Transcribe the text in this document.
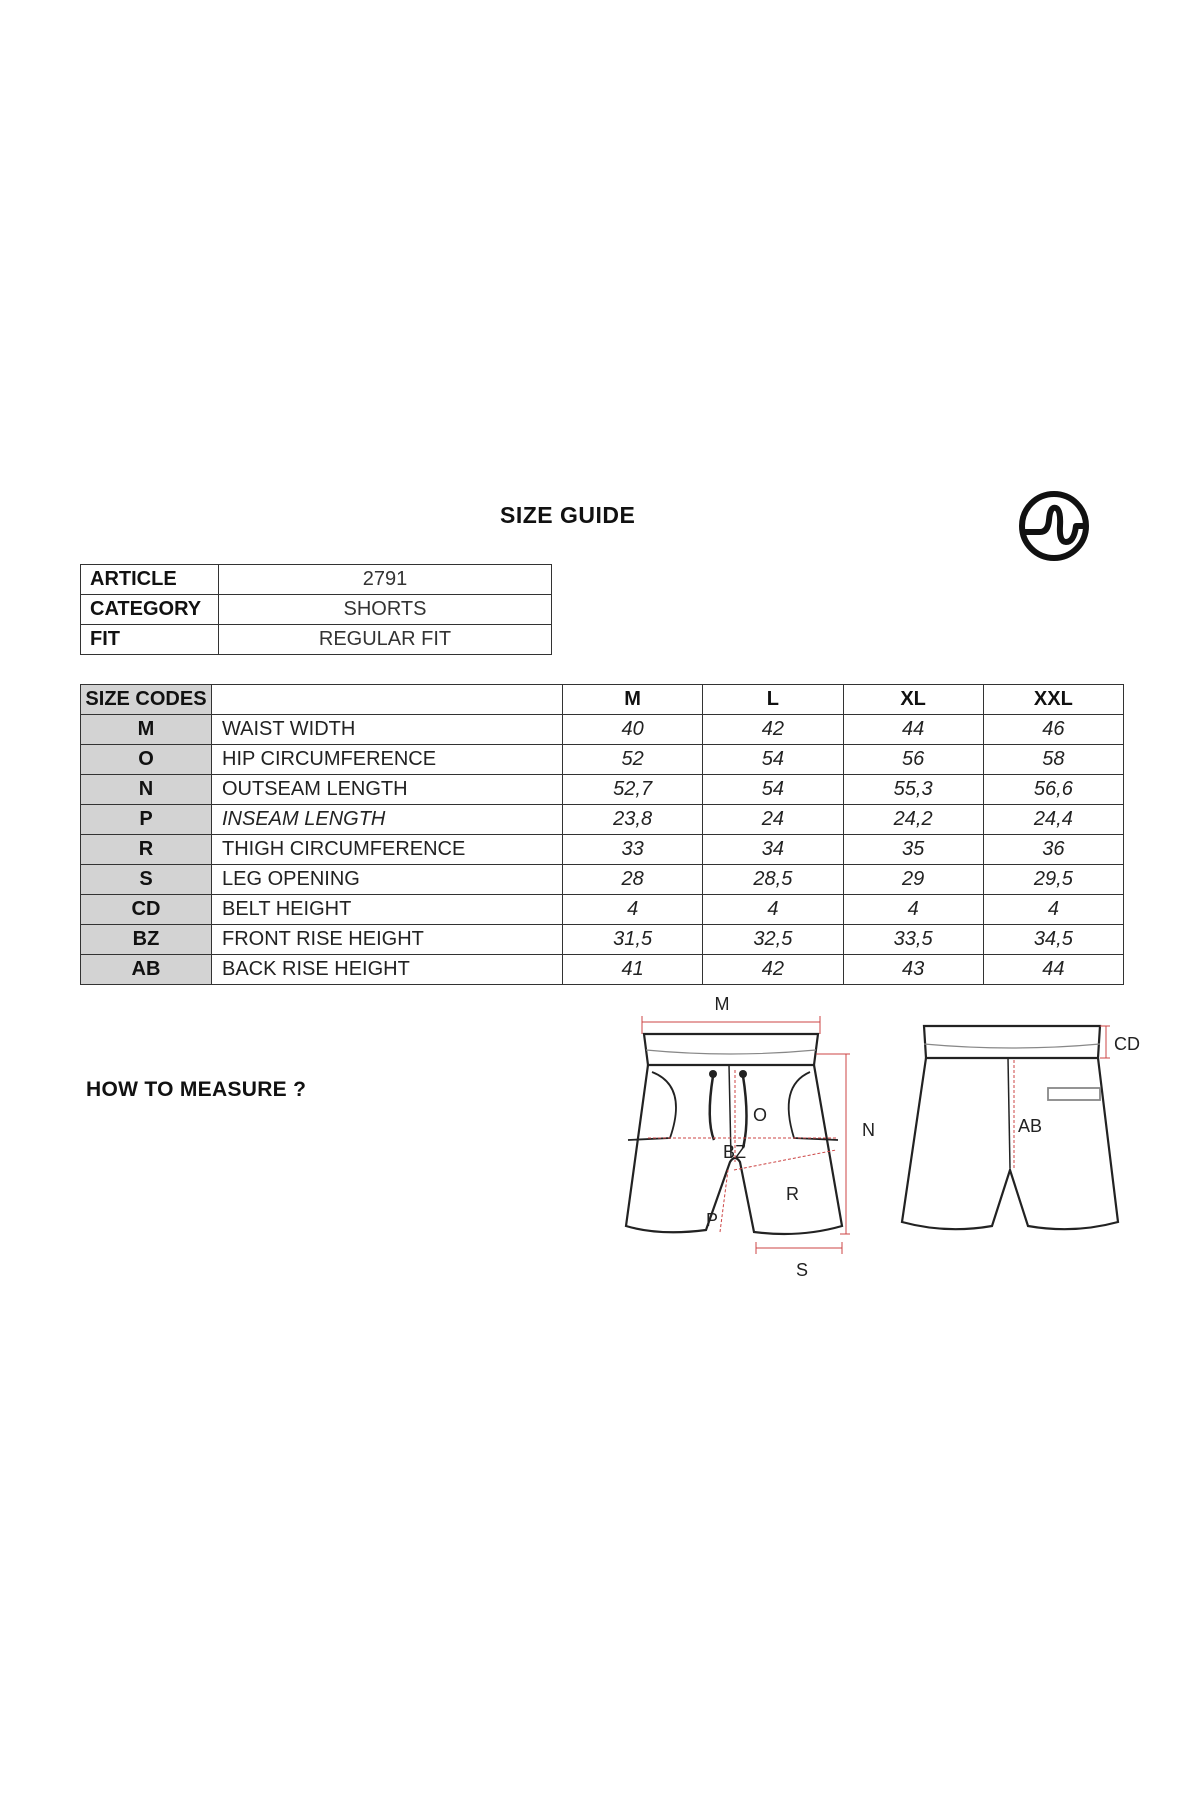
SIZE GUIDE
ARTICLE	2791
CATEGORY	SHORTS
FIT	REGULAR FIT
SIZE CODES		M	L	XL	XXL
M	WAIST WIDTH	40	42	44	46
O	HIP CIRCUMFERENCE	52	54	56	58
N	OUTSEAM LENGTH	52,7	54	55,3	56,6
P	INSEAM LENGTH	23,8	24	24,2	24,4
R	THIGH CIRCUMFERENCE	33	34	35	36
S	LEG OPENING	28	28,5	29	29,5
CD	BELT HEIGHT	4	4	4	4
BZ	FRONT RISE HEIGHT	31,5	32,5	33,5	34,5
AB	BACK RISE HEIGHT	41	42	43	44
HOW TO MEASURE ?
M
O
N
BZ
P
R
S
CD
AB
